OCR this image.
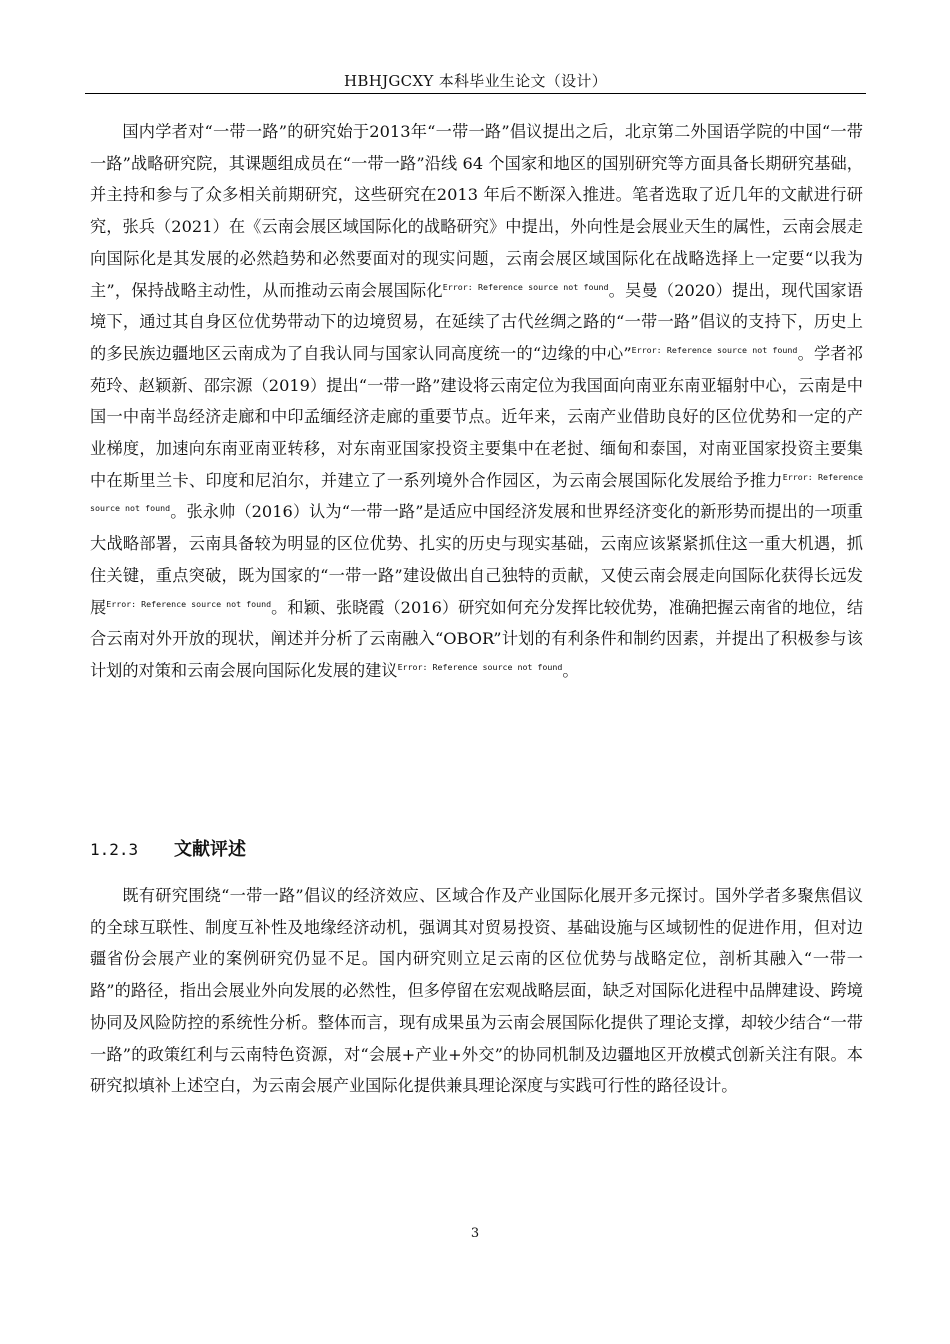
HBHJGCXY 本科毕业生论文（设计）

国内学者对“一带一路”的研究始于2013年“一带一路”倡议提出之后，北京第二外国语学院的中国“一带一路”战略研究院，其课题组成员在“一带一路”沿线 64 个国家和地区的国别研究等方面具备长期研究基础，并主持和参与了众多相关前期研究，这些研究在2013 年后不断深入推进。笔者选取了近几年的文献进行研究，张兵（2021）在《云南会展区域国际化的战略研究》中提出，外向性是会展业天生的属性，云南会展走向国际化是其发展的必然趋势和必然要面对的现实问题，云南会展区域国际化在战略选择上一定要“以我为主”，保持战略主动性，从而推动云南会展国际化$^{Error: Reference source not found}$。吴曼（2020）提出，现代国家语境下，通过其自身区位优势带动下的边境贸易，在延续了古代丝绸之路的“一带一路”倡议的支持下，历史上的多民族边疆地区云南成为了自我认同与国家认同高度统一的“边缘的中心”$^{Error: Reference source not found}$。学者祁苑玲、赵颖新、邵宗源（2019）提出“一带一路”建设将云南定位为我国面向南亚东南亚辐射中心，云南是中国一中南半岛经济走廊和中印孟缅经济走廊的重要节点。近年来，云南产业借助良好的区位优势和一定的产业梯度，加速向东南亚南亚转移，对东南亚国家投资主要集中在老挝、缅甸和泰国，对南亚国家投资主要集中在斯里兰卡、印度和尼泊尔，并建立了一系列境外合作园区，为云南会展国际化发展给予推力$^{Error: Reference source not found}$。张永帅（2016）认为“一带一路”是适应中国经济发展和世界经济变化的新形势而提出的一项重大战略部署，云南具备较为明显的区位优势、扎实的历史与现实基础，云南应该紧紧抓住这一重大机遇，抓住关键，重点突破，既为国家的“一带一路”建设做出自己独特的贡献，又使云南会展走向国际化获得长远发展$^{Error: Reference source not found}$。和颖、张晓霞（2016）研究如何充分发挥比较优势，准确把握云南省的地位，结合云南对外开放的现状，阐述并分析了云南融入“OBOR”计划的有利条件和制约因素，并提出了积极参与该计划的对策和云南会展向国际化发展的建议$^{Error: Reference source not found}$。

1.2.3 文献评述

既有研究围绕“一带一路”倡议的经济效应、区域合作及产业国际化展开多元探讨。国外学者多聚焦倡议的全球互联性、制度互补性及地缘经济动机，强调其对贸易投资、基础设施与区域韧性的促进作用，但对边疆省份会展产业的案例研究仍显不足。国内研究则立足云南的区位优势与战略定位，剖析其融入“一带一路”的路径，指出会展业外向发展的必然性，但多停留在宏观战略层面，缺乏对国际化进程中品牌建设、跨境协同及风险防控的系统性分析。整体而言，现有成果虽为云南会展国际化提供了理论支撑，却较少结合“一带一路”的政策红利与云南特色资源，对“会展+产业+外交”的协同机制及边疆地区开放模式创新关注有限。本研究拟填补上述空白，为云南会展产业国际化提供兼具理论深度与实践可行性的路径设计。

3
